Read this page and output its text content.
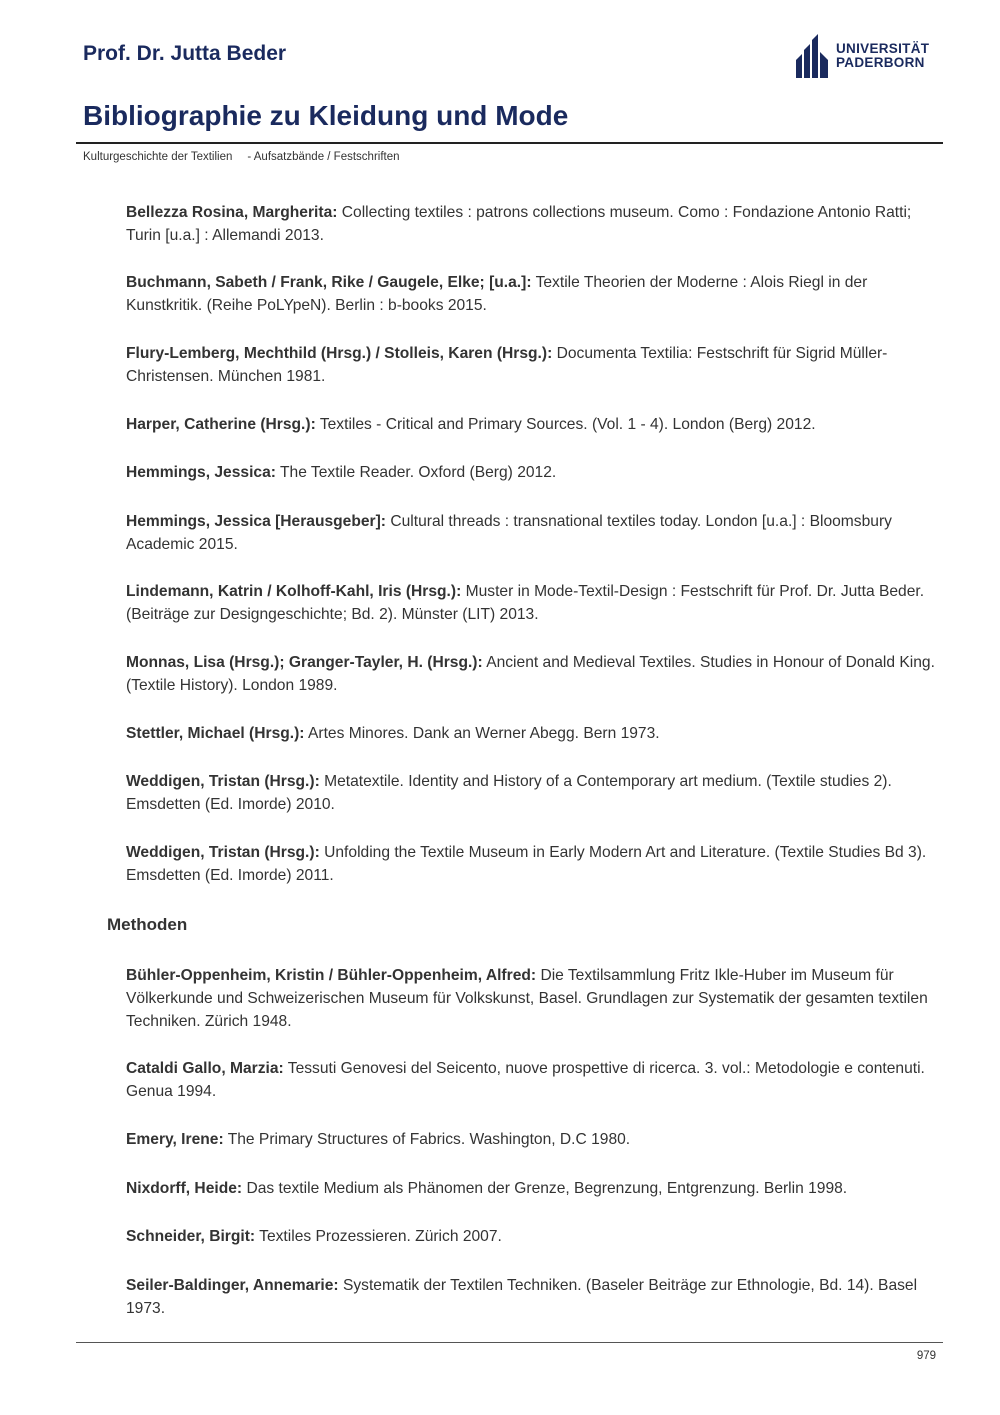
Prof. Dr. Jutta Beder	UNIVERSITÄT
PADERBORN
Bibliographie zu Kleidung und Mode
Kulturgeschichte der Textilien - Aufsatzbände / Festschriften
Bellezza Rosina, Margherita: Collecting textiles : patrons collections museum. Como : Fondazione Antonio Ratti; Turin [u.a.] : Allemandi 2013.
Buchmann, Sabeth / Frank, Rike / Gaugele, Elke; [u.a.]: Textile Theorien der Moderne : Alois Riegl in der Kunstkritik. (Reihe PoLYpeN). Berlin : b-books 2015.
Flury-Lemberg, Mechthild (Hrsg.) / Stolleis, Karen (Hrsg.): Documenta Textilia: Festschrift für Sigrid Müller-Christensen. München 1981.
Harper, Catherine (Hrsg.): Textiles - Critical and Primary Sources. (Vol. 1 - 4). London (Berg) 2012.
Hemmings, Jessica: The Textile Reader. Oxford (Berg) 2012.
Hemmings, Jessica [Herausgeber]: Cultural threads : transnational textiles today. London [u.a.] : Bloomsbury Academic 2015.
Lindemann, Katrin / Kolhoff-Kahl, Iris (Hrsg.): Muster in Mode-Textil-Design : Festschrift für Prof. Dr. Jutta Beder. (Beiträge zur Designgeschichte; Bd. 2). Münster (LIT) 2013.
Monnas, Lisa (Hrsg.); Granger-Tayler, H. (Hrsg.): Ancient and Medieval Textiles. Studies in Honour of Donald King. (Textile History). London 1989.
Stettler, Michael (Hrsg.): Artes Minores. Dank an Werner Abegg. Bern 1973.
Weddigen, Tristan (Hrsg.): Metatextile. Identity and History of a Contemporary art medium. (Textile studies 2). Emsdetten (Ed. Imorde) 2010.
Weddigen, Tristan (Hrsg.): Unfolding the Textile Museum in Early Modern Art and Literature. (Textile Studies Bd 3). Emsdetten (Ed. Imorde) 2011.
Methoden
Bühler-Oppenheim, Kristin / Bühler-Oppenheim, Alfred: Die Textilsammlung Fritz Ikle-Huber im Museum für Völkerkunde und Schweizerischen Museum für Volkskunst, Basel. Grundlagen zur Systematik der gesamten textilen Techniken. Zürich 1948.
Cataldi Gallo, Marzia: Tessuti Genovesi del Seicento, nuove prospettive di ricerca. 3. vol.: Metodologie e contenuti. Genua 1994.
Emery, Irene: The Primary Structures of Fabrics. Washington, D.C 1980.
Nixdorff, Heide: Das textile Medium als Phänomen der Grenze, Begrenzung, Entgrenzung. Berlin 1998.
Schneider, Birgit: Textiles Prozessieren. Zürich 2007.
Seiler-Baldinger, Annemarie: Systematik der Textilen Techniken. (Baseler Beiträge zur Ethnologie, Bd. 14). Basel 1973.
979
